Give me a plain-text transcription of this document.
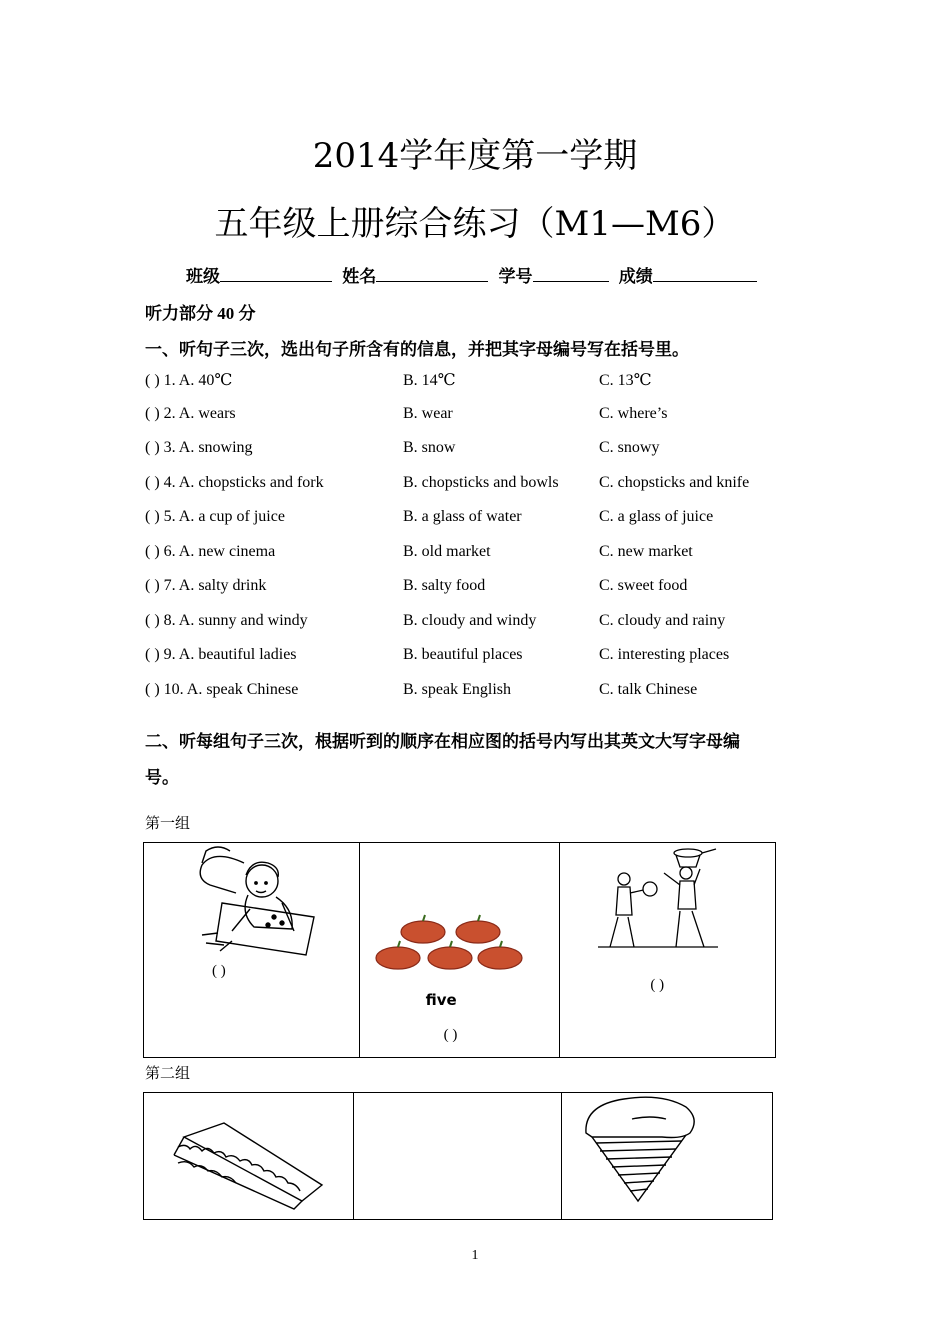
2014学年度第一学期
五年级上册综合练习（M1—M6）
班级	姓名	学号	成绩
听力部分 40 分
一、听句子三次，选出句子所含有的信息，并把其字母编号写在括号里。
( ) 1. A. 40℃	B. 14℃	C. 13℃
( ) 2. A. wears	B. wear	C. where’s
( ) 3. A. snowing	B. snow	C. snowy
( ) 4. A. chopsticks and fork	B. chopsticks and bowls	C. chopsticks and knife
( ) 5. A. a cup of juice	B. a glass of water	C. a glass of juice
( ) 6. A. new cinema	B. old market	C. new market
( ) 7. A. salty drink	B. salty food	C. sweet food
( ) 8. A. sunny and windy	B. cloudy and windy	C. cloudy and rainy
( ) 9. A. beautiful ladies	B. beautiful places	C. interesting places
( ) 10. A. speak Chinese	B. speak English	C. talk Chinese
二、听每组句子三次，根据听到的顺序在相应图的括号内写出其英文大写字母编
号。
第一组
( )

five
( )

( )
第二组

1
